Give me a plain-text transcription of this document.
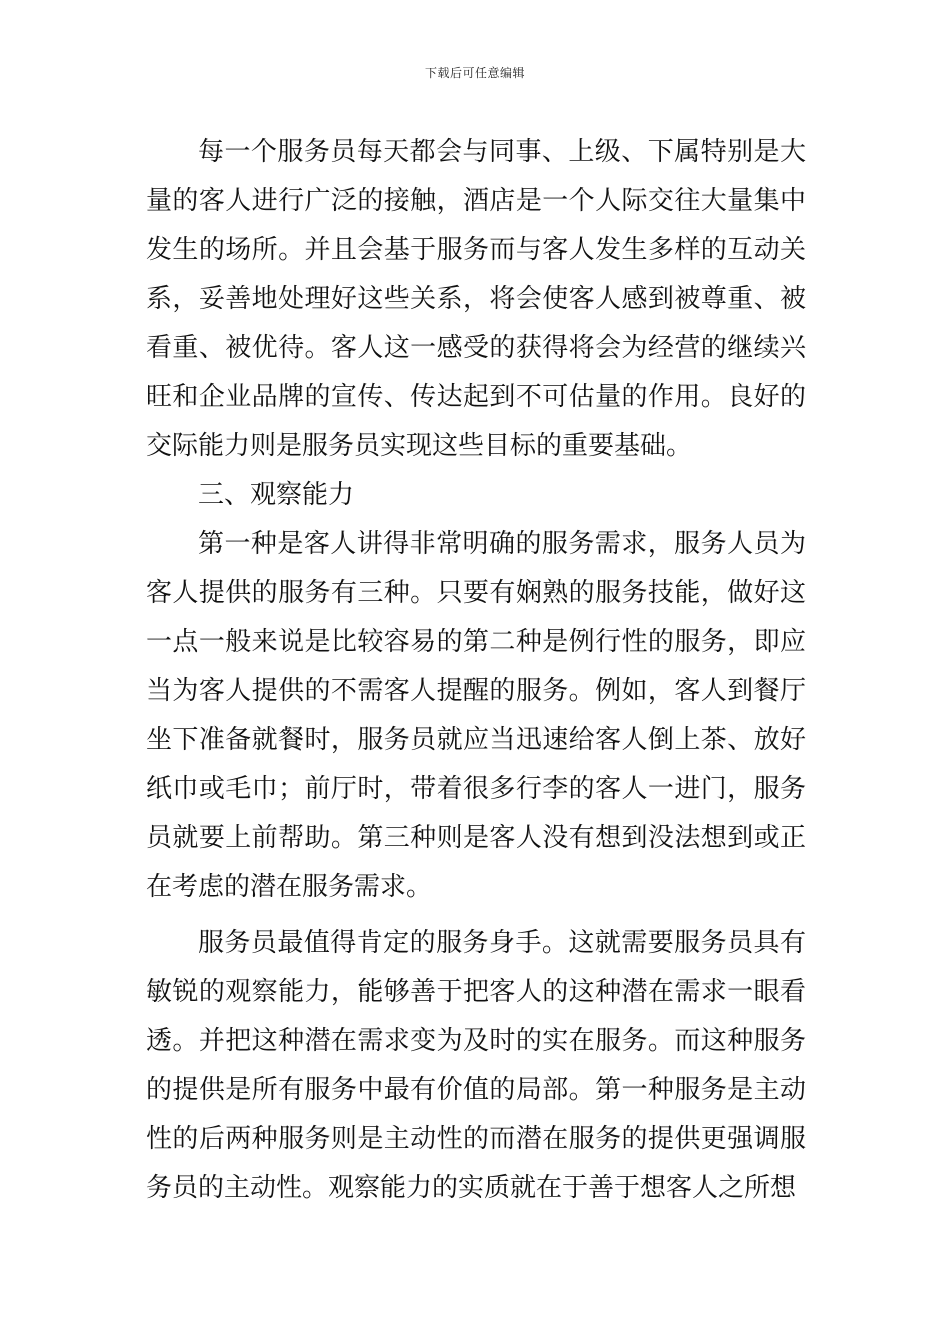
下载后可任意编辑

每一个服务员每天都会与同事、上级、下属特别是大量的客人进行广泛的接触，酒店是一个人际交往大量集中发生的场所。并且会基于服务而与客人发生多样的互动关系，妥善地处理好这些关系，将会使客人感到被尊重、被看重、被优待。客人这一感受的获得将会为经营的继续兴旺和企业品牌的宣传、传达起到不可估量的作用。良好的交际能力则是服务员实现这些目标的重要基础。

三、观察能力

第一种是客人讲得非常明确的服务需求，服务人员为客人提供的服务有三种。只要有娴熟的服务技能，做好这一点一般来说是比较容易的第二种是例行性的服务，即应当为客人提供的不需客人提醒的服务。例如，客人到餐厅坐下准备就餐时，服务员就应当迅速给客人倒上茶、放好纸巾或毛巾；前厅时，带着很多行李的客人一进门，服务员就要上前帮助。第三种则是客人没有想到没法想到或正在考虑的潜在服务需求。

服务员最值得肯定的服务身手。这就需要服务员具有敏锐的观察能力，能够善于把客人的这种潜在需求一眼看透。并把这种潜在需求变为及时的实在服务。而这种服务的提供是所有服务中最有价值的局部。第一种服务是主动性的后两种服务则是主动性的而潜在服务的提供更强调服务员的主动性。观察能力的实质就在于善于想客人之所想
